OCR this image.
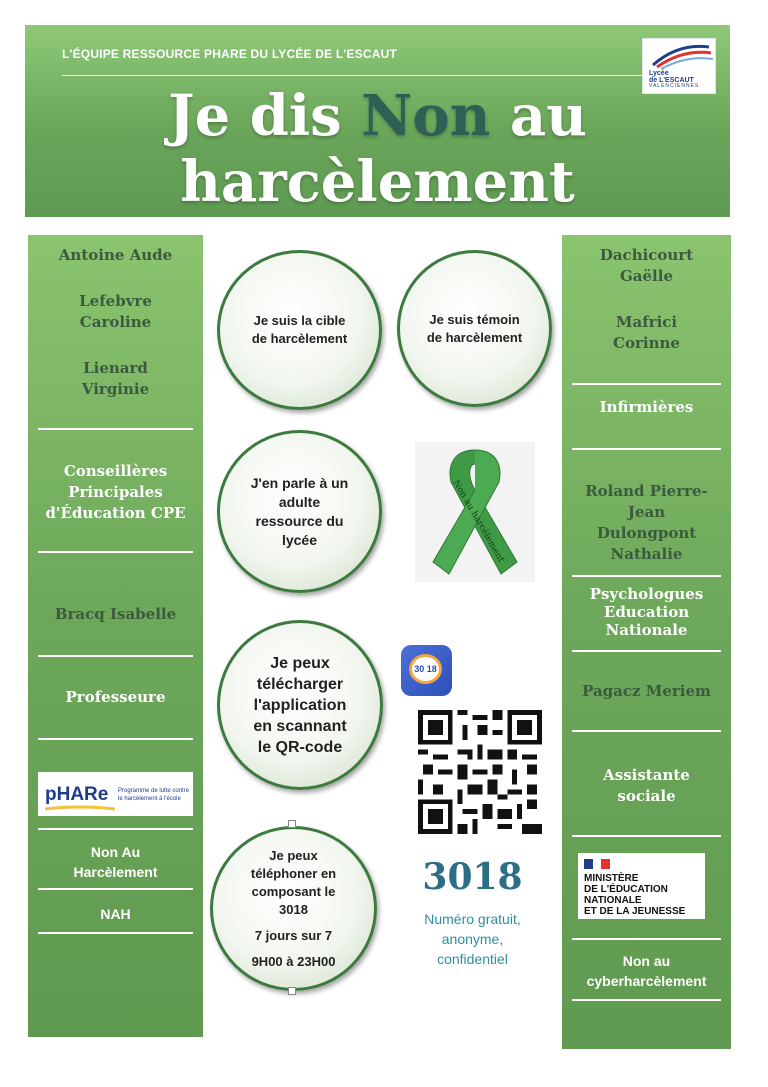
L'ÉQUIPE RESSOURCE PHARE DU LYCÉE DE L'ESCAUT
Lycée
de L'ESCAUT
VALENCIENNES
Je dis Non au
harcèlement
Antoine Aude
Lefebvre
Caroline
Lienard
Virginie
Conseillères
Principales
d'Éducation CPE
Bracq Isabelle
Professeure
pHARe Programme de lutte contre le harcèlement à l'école
Non Au
Harcèlement
NAH
Dachicourt
Gaëlle
Mafrici
Corinne
Infirmières
Roland Pierre-
Jean
Dulongpont
Nathalie
Psychologues
Education
Nationale
Pagacz Meriem
Assistante
sociale
MINISTÈRE
DE L'ÉDUCATION
NATIONALE
ET DE LA JEUNESSE
Non au
cyberharcèlement
Je suis la cible
de harcèlement
Je suis témoin
de harcèlement
J'en parle à un
adulte
ressource du
lycée
Je peux
télécharger
l'application
en scannant
le QR-code
Je peux
téléphoner en
composant le
3018
7 jours sur 7
9H00 à 23H00
Non au harcèlement
30 18
3018
Numéro gratuit,
anonyme,
confidentiel
